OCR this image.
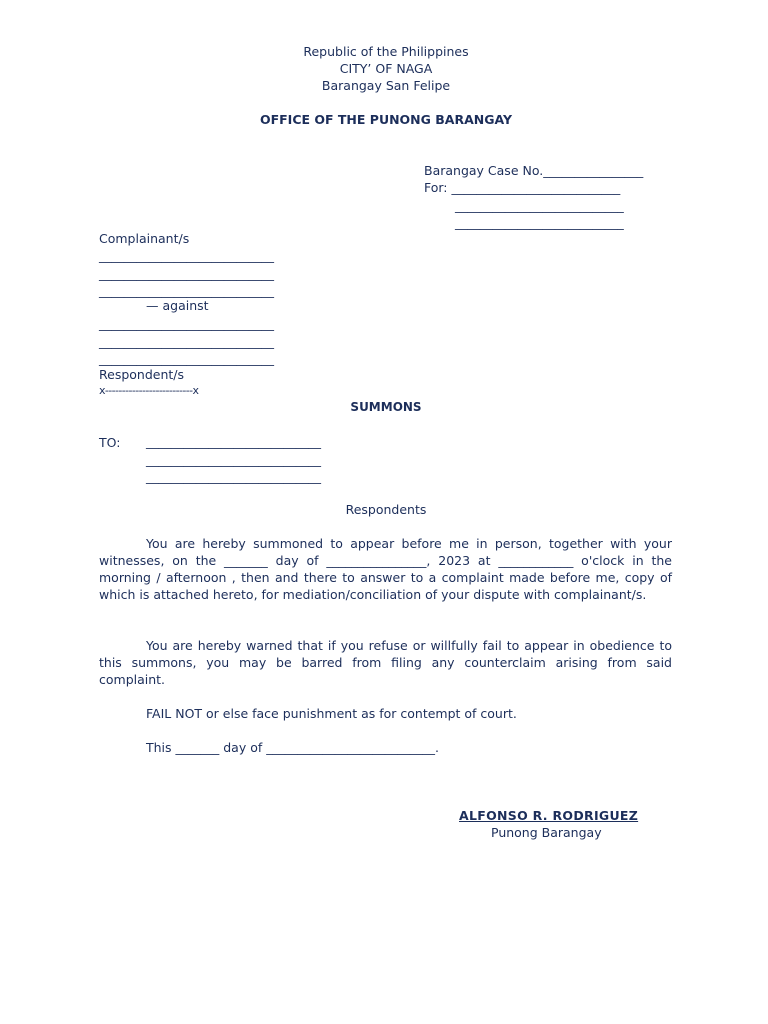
Republic of the Philippines
CITY’ OF NAGA
Barangay San Felipe
OFFICE OF THE PUNONG BARANGAY
Barangay Case No.________________
For: ___________________________
___________________________
___________________________
Complainant/s
____________________________
____________________________
____________________________
— against
____________________________
____________________________
____________________________
Respondent/s
x--------------------------x
SUMMONS
TO: ____________________________
____________________________
____________________________
Respondents
You are hereby summoned to appear before me in person, together with your witnesses, on the _______ day of ________________, 2023 at ____________ o'clock in the morning / afternoon , then and there to answer to a complaint made before me, copy of which is attached hereto, for mediation/conciliation of your dispute with complainant/s.
You are hereby warned that if you refuse or willfully fail to appear in obedience to this summons, you may be barred from filing any counterclaim arising from said complaint.
FAIL NOT or else face punishment as for contempt of court.
This _______ day of ___________________________.
ALFONSO R. RODRIGUEZ
Punong Barangay
